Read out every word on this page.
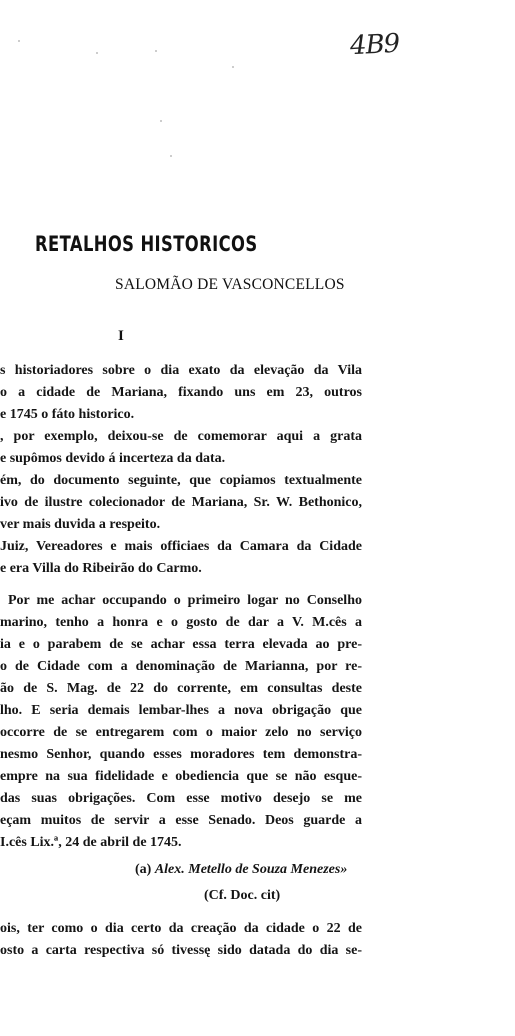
4B9
RETALHOS HISTORICOS
SALOMÃO DE VASCONCELLOS
I
s historiadores sobre o dia exato da elevação da Vila
o a cidade de Mariana, fixando uns em 23, outros
e 1745 o fáto historico.
, por exemplo, deixou-se de comemorar aqui a grata
e supômos devido á incerteza da data.
ém, do documento seguinte, que copiamos textualmente
ivo de ilustre colecionador de Mariana, Sr. W. Bethonico,
ver mais duvida a respeito.
Juiz, Vereadores e mais officiaes da Camara da Cidade
e era Villa do Ribeirão do Carmo.
Por me achar occupando o primeiro logar no Conselho
marino, tenho a honra e o gosto de dar a V. M.cês a
ia e o parabem de se achar essa terra elevada ao pre-
o de Cidade com a denominação de Marianna, por re-
ão de S. Mag. de 22 do corrente, em consultas deste
lho. E seria demais lembar-lhes a nova obrigação que
occorre de se entregarem com o maior zelo no serviço
nesmo Senhor, quando esses moradores tem demonstra-
empre na sua fidelidade e obediencia que se não esque-
das suas obrigações. Com esse motivo desejo se me
eçam muitos de servir a esse Senado. Deos guarde a
I.cês Lix.ª, 24 de abril de 1745.
(a) Alex. Metello de Souza Menezes»
(Cf. Doc. cit)
ois, ter como o dia certo da creação da cidade o 22 de
osto a carta respectiva só tivessę sido datada do dia se-
